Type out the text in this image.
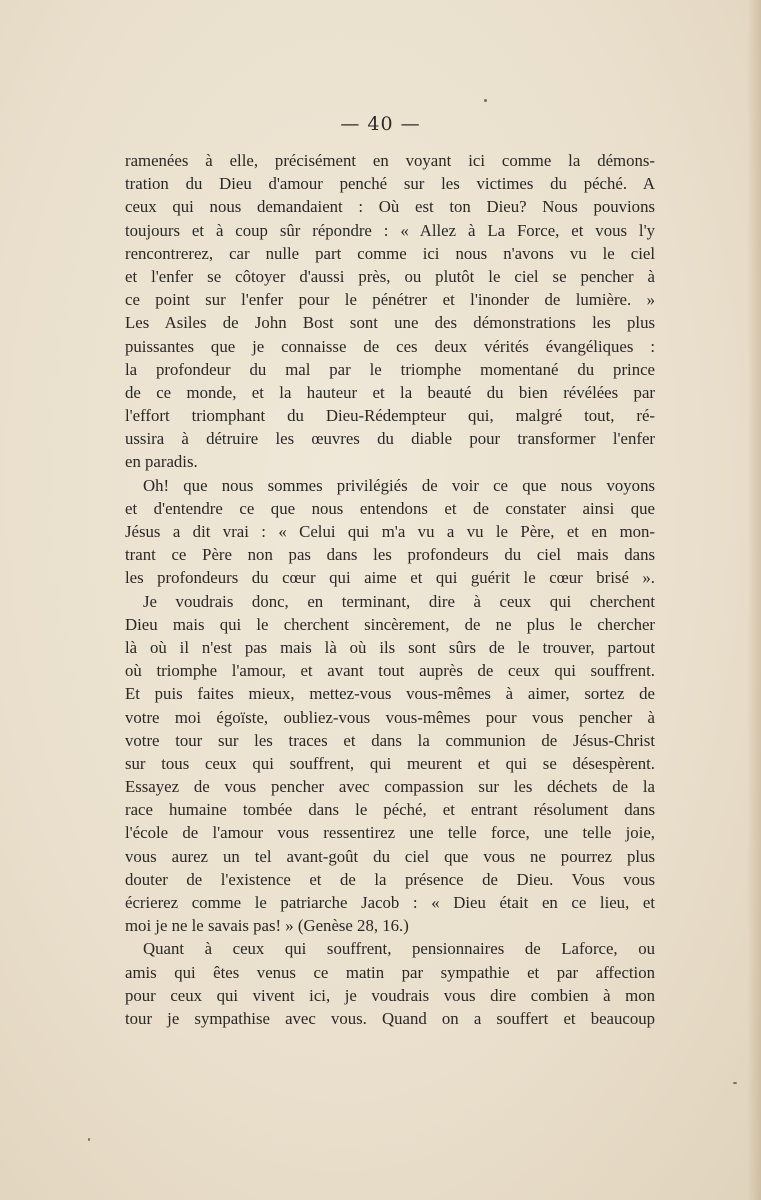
— 40 —
ramenées à elle, précisément en voyant ici comme la démons-
tration du Dieu d'amour penché sur les victimes du péché. A
ceux qui nous demandaient : Où est ton Dieu? Nous pouvions
toujours et à coup sûr répondre : « Allez à La Force, et vous l'y
rencontrerez, car nulle part comme ici nous n'avons vu le ciel
et l'enfer se côtoyer d'aussi près, ou plutôt le ciel se pencher à
ce point sur l'enfer pour le pénétrer et l'inonder de lumière. »
Les Asiles de John Bost sont une des démonstrations les plus
puissantes que je connaisse de ces deux vérités évangéliques :
la profondeur du mal par le triomphe momentané du prince
de ce monde, et la hauteur et la beauté du bien révélées par
l'effort triomphant du Dieu-Rédempteur qui, malgré tout, ré-
ussira à détruire les œuvres du diable pour transformer l'enfer
en paradis.
Oh! que nous sommes privilégiés de voir ce que nous voyons
et d'entendre ce que nous entendons et de constater ainsi que
Jésus a dit vrai : « Celui qui m'a vu a vu le Père, et en mon-
trant ce Père non pas dans les profondeurs du ciel mais dans
les profondeurs du cœur qui aime et qui guérit le cœur brisé ».
Je voudrais donc, en terminant, dire à ceux qui cherchent
Dieu mais qui le cherchent sincèrement, de ne plus le chercher
là où il n'est pas mais là où ils sont sûrs de le trouver, partout
où triomphe l'amour, et avant tout auprès de ceux qui souffrent.
Et puis faites mieux, mettez-vous vous-mêmes à aimer, sortez de
votre moi égoïste, oubliez-vous vous-mêmes pour vous pencher à
votre tour sur les traces et dans la communion de Jésus-Christ
sur tous ceux qui souffrent, qui meurent et qui se désespèrent.
Essayez de vous pencher avec compassion sur les déchets de la
race humaine tombée dans le péché, et entrant résolument dans
l'école de l'amour vous ressentirez une telle force, une telle joie,
vous aurez un tel avant-goût du ciel que vous ne pourrez plus
douter de l'existence et de la présence de Dieu. Vous vous
écrierez comme le patriarche Jacob : « Dieu était en ce lieu, et
moi je ne le savais pas! » (Genèse 28, 16.)
Quant à ceux qui souffrent, pensionnaires de Laforce, ou
amis qui êtes venus ce matin par sympathie et par affection
pour ceux qui vivent ici, je voudrais vous dire combien à mon
tour je sympathise avec vous. Quand on a souffert et beaucoup
